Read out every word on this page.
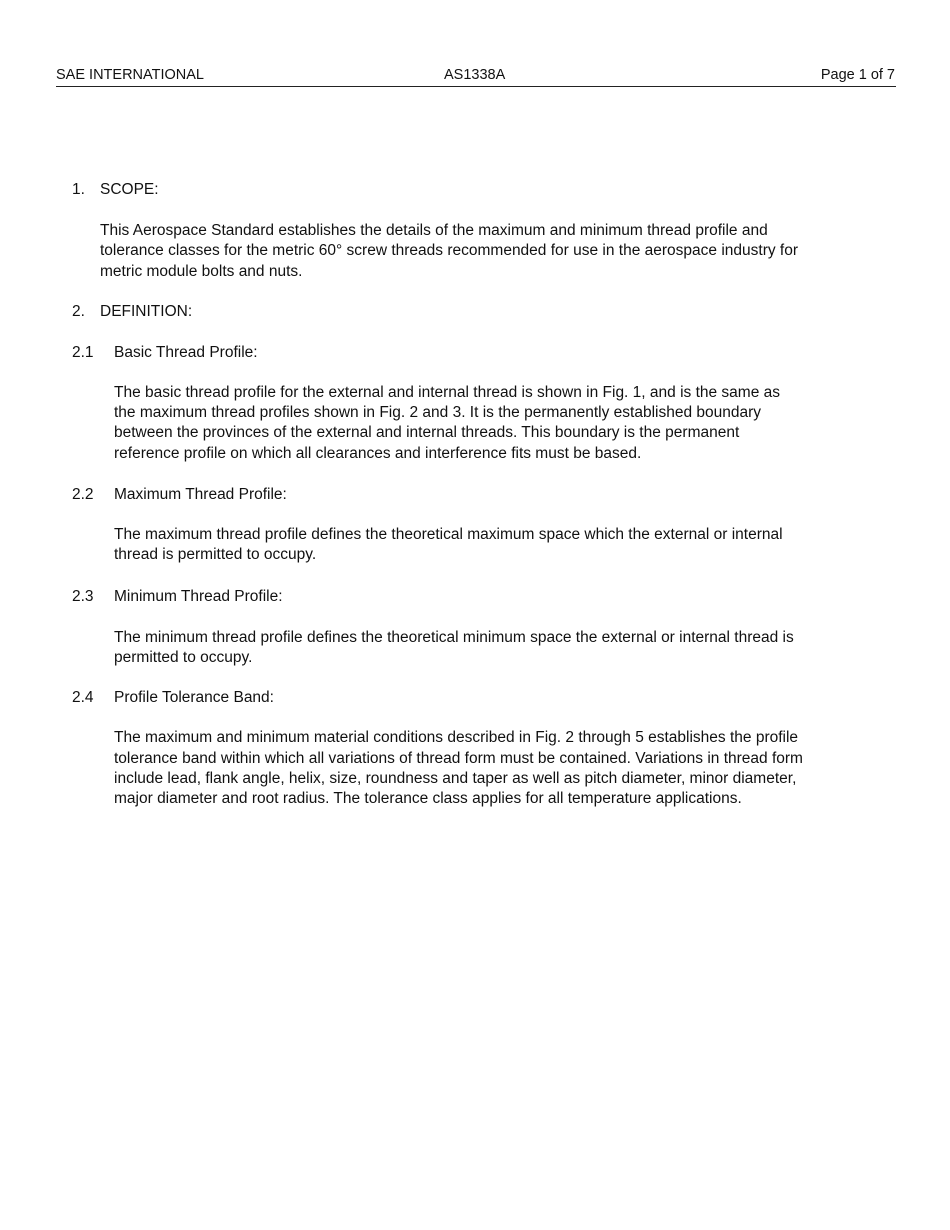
SAE INTERNATIONAL	AS1338A	Page 1 of 7
1. SCOPE:
This Aerospace Standard establishes the details of the maximum and minimum thread profile and
tolerance classes for the metric 60° screw threads recommended for use in the aerospace industry for
metric module bolts and nuts.
2. DEFINITION:
2.1 Basic Thread Profile:
The basic thread profile for the external and internal thread is shown in Fig. 1, and is the same as
the maximum thread profiles shown in Fig. 2 and 3. It is the permanently established boundary
between the provinces of the external and internal threads. This boundary is the permanent
reference profile on which all clearances and interference fits must be based.
2.2 Maximum Thread Profile:
The maximum thread profile defines the theoretical maximum space which the external or internal
thread is permitted to occupy.
2.3 Minimum Thread Profile:
The minimum thread profile defines the theoretical minimum space the external or internal thread is
permitted to occupy.
2.4 Profile Tolerance Band:
The maximum and minimum material conditions described in Fig. 2 through 5 establishes the profile
tolerance band within which all variations of thread form must be contained. Variations in thread form
include lead, flank angle, helix, size, roundness and taper as well as pitch diameter, minor diameter,
major diameter and root radius. The tolerance class applies for all temperature applications.
